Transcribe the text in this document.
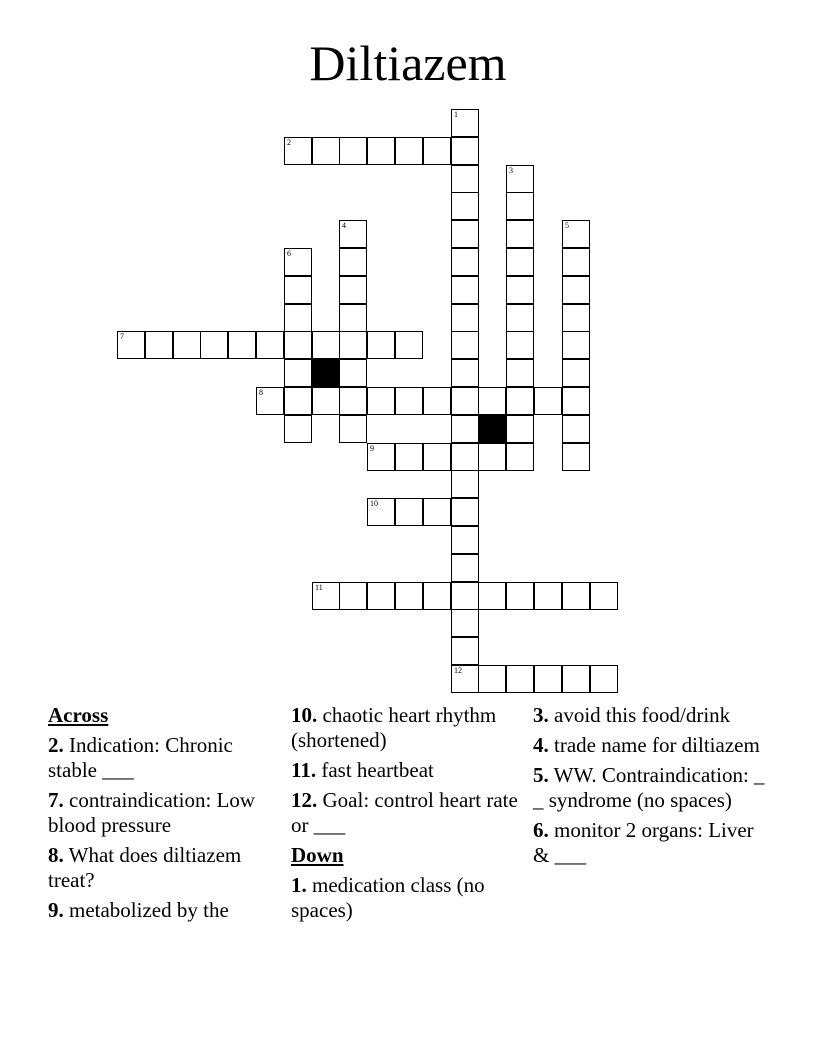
Diltiazem
1
12
2
3
4	5
6
7
8
9
10
11
Across
2. Indication: Chronic stable ___
7. contraindication: Low blood pressure
8. What does diltiazem treat?
9. metabolized by the
10. chaotic heart rhythm (shortened)
11. fast heartbeat
12. Goal: control heart rate or ___
Down
1. medication class (no spaces)
3. avoid this food/drink
4. trade name for diltiazem
5. WW. Contraindication: _ _ syndrome (no spaces)
6. monitor 2 organs: Liver & ___
